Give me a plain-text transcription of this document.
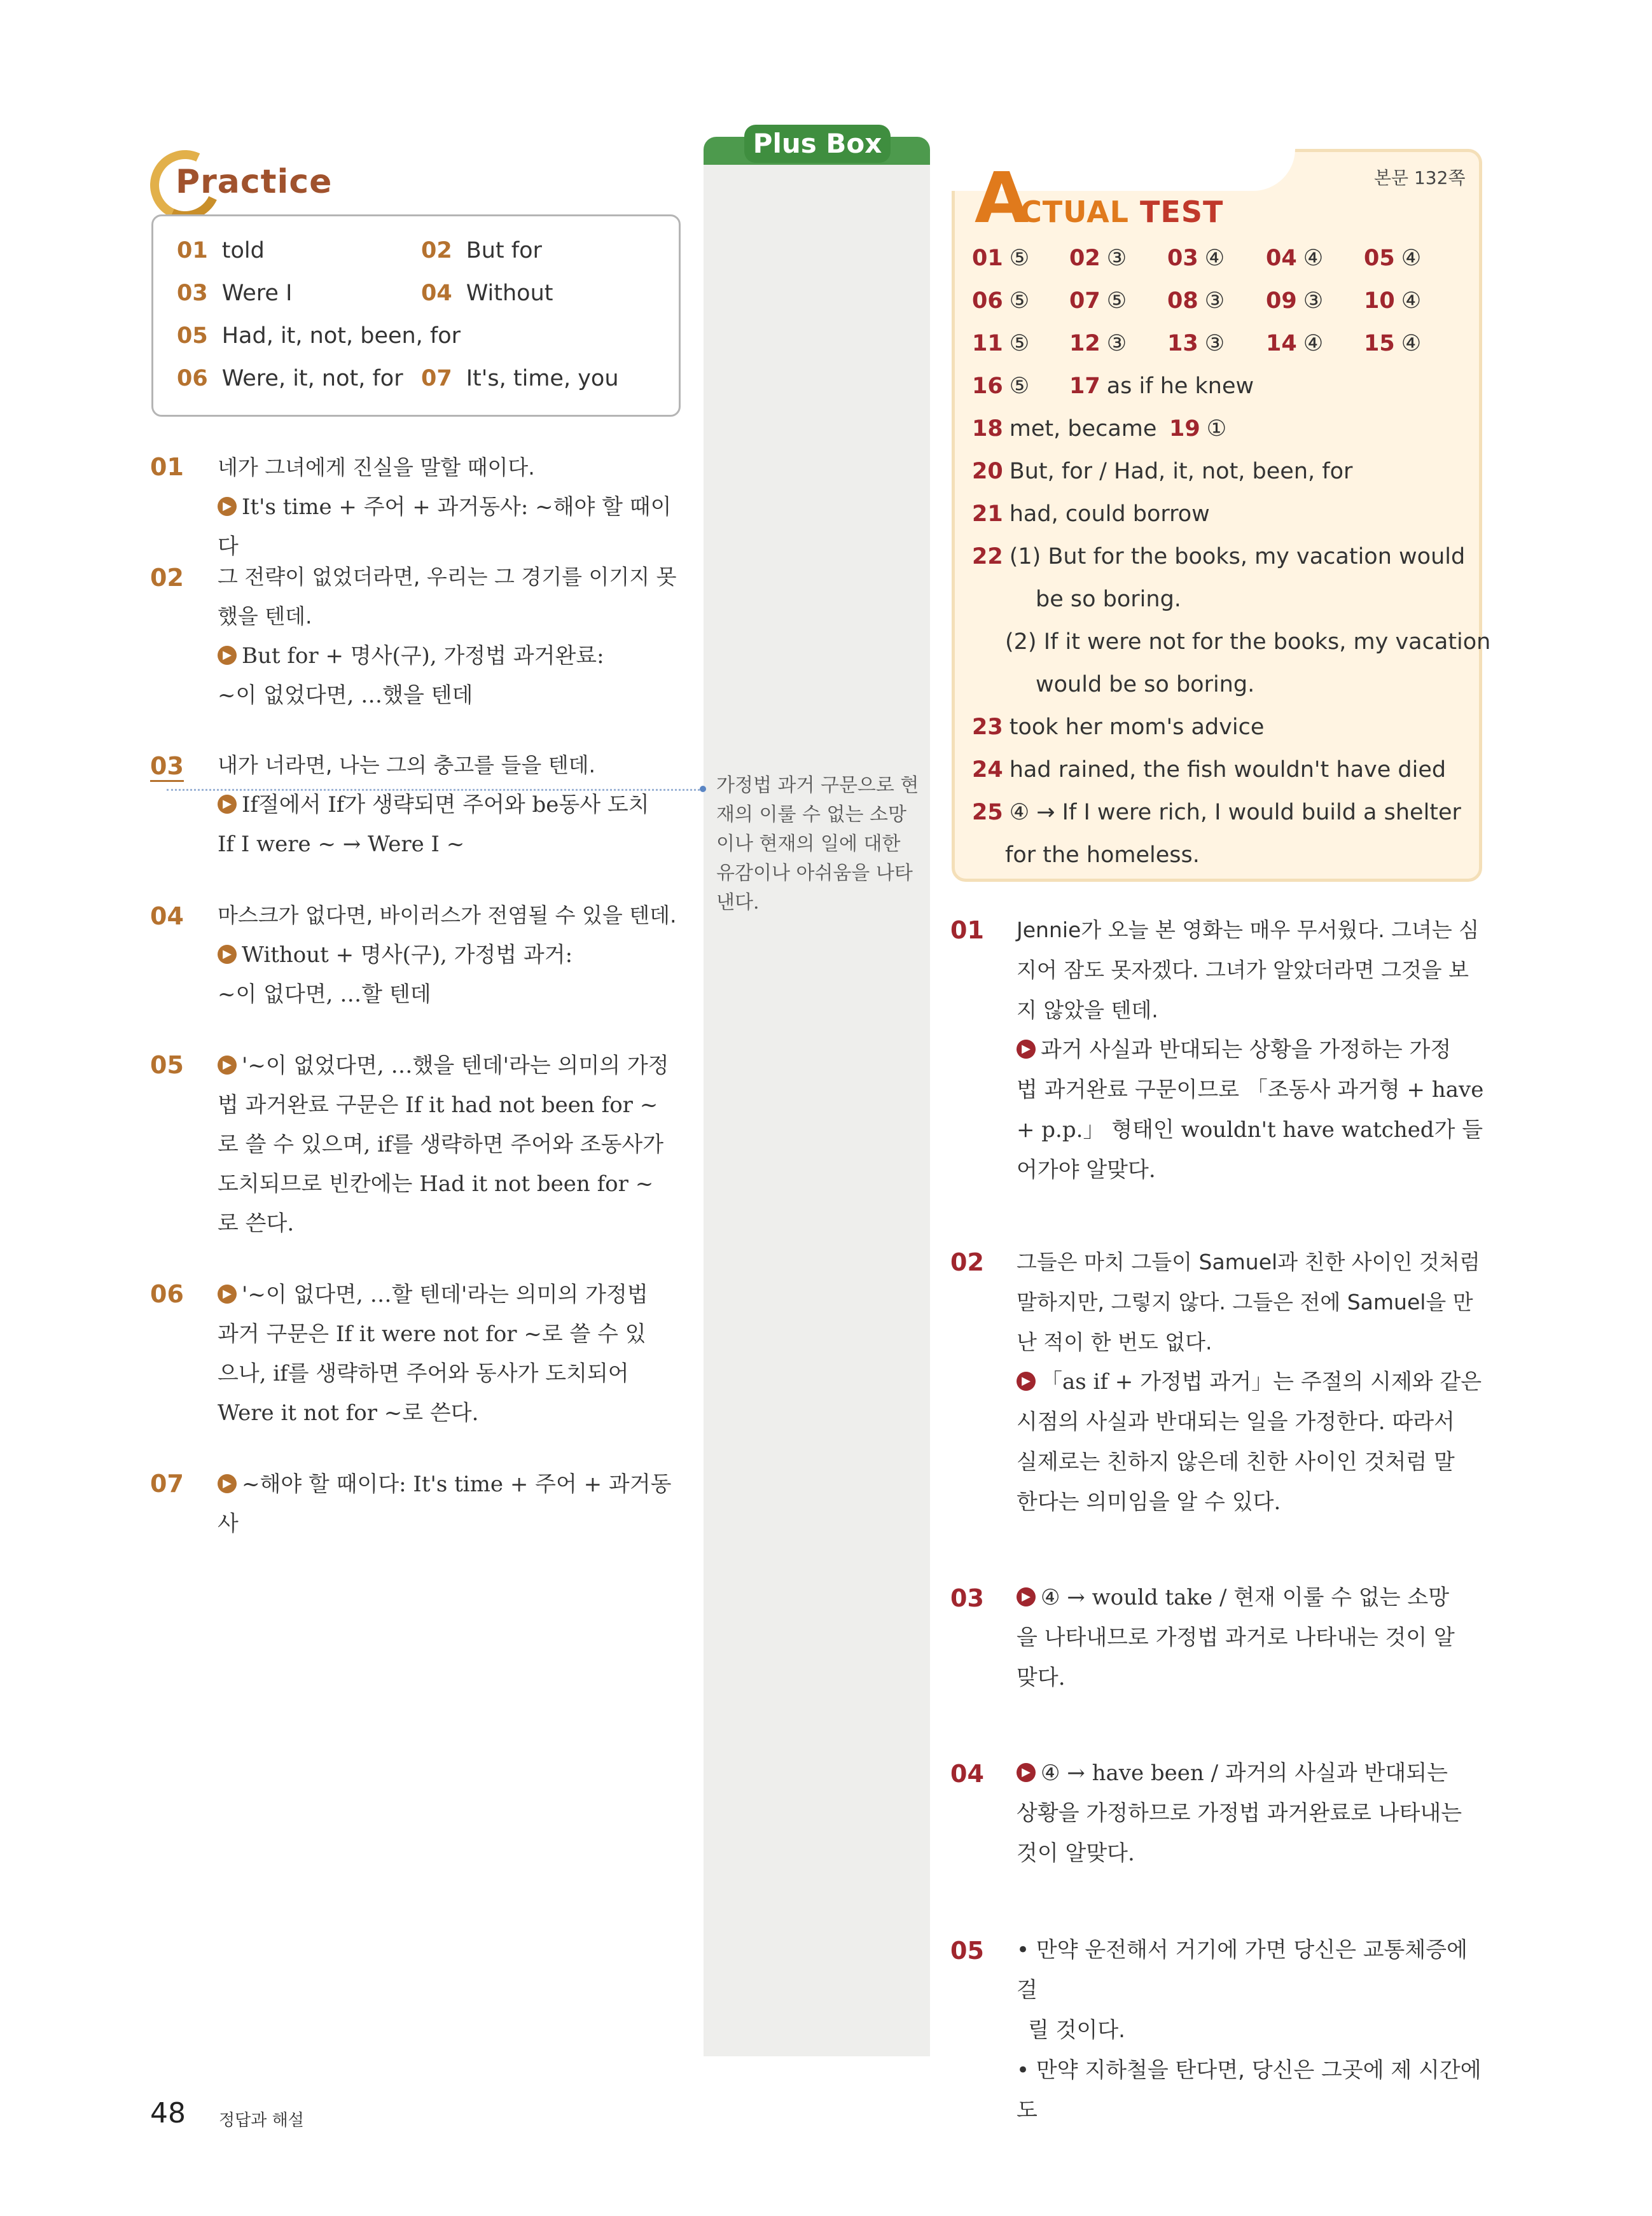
Practice
01 told	02 But for
03 Were I	04 Without
05 Had, it, not, been, for
06 Were, it, not, for 07 It's, time, you
Plus Box
가정법 과거 구문으로 현재의 이룰 수 없는 소망이나 현재의 일에 대한 유감이나 아쉬움을 나타낸다.
01 네가 그녀에게 진실을 말할 때이다.
▶ It's time + 주어 + 과거동사: ~해야 할 때이다
02 그 전략이 없었더라면, 우리는 그 경기를 이기지 못
했을 텐데.
▶ But for + 명사(구), 가정법 과거완료:
~이 없었다면, …했을 텐데
03 내가 너라면, 나는 그의 충고를 들을 텐데.
▶ If절에서 If가 생략되면 주어와 be동사 도치
If I were ~ → Were I ~
04 마스크가 없다면, 바이러스가 전염될 수 있을 텐데.
▶ Without + 명사(구), 가정법 과거:
~이 없다면, …할 텐데
05	▶ '~이 없었다면, …했을 텐데'라는 의미의 가정
법 과거완료 구문은 If it had not been for ~
로 쓸 수 있으며, if를 생략하면 주어와 조동사가
도치되므로 빈칸에는 Had it not been for ~
로 쓴다.
06	▶ '~이 없다면, …할 텐데'라는 의미의 가정법
과거 구문은 If it were not for ~로 쓸 수 있
으나, if를 생략하면 주어와 동사가 도치되어
Were it not for ~로 쓴다.
07	▶ ~해야 할 때이다: It's time + 주어 + 과거동사
본문 132쪽
A
CTUAL TEST
01 ⑤ 02 ③ 03 ④ 04 ④ 05 ④
06 ⑤ 07 ⑤ 08 ③ 09 ③ 10 ④
11 ⑤ 12 ③ 13 ③ 14 ④ 15 ④
16 ⑤ 17 as if he knew
18 met, became 19 ①
20 But, for / Had, it, not, been, for
21 had, could borrow
22 (1) But for the books, my vacation would
be so boring.
(2) If it were not for the books, my vacation
would be so boring.
23 took her mom's advice
24 had rained, the fish wouldn't have died
25 ④ → If I were rich, I would build a shelter
for the homeless.
01 Jennie가 오늘 본 영화는 매우 무서웠다. 그녀는 심
지어 잠도 못자겠다. 그녀가 알았더라면 그것을 보
지 않았을 텐데.
▶ 과거 사실과 반대되는 상황을 가정하는 가정
법 과거완료 구문이므로 「조동사 과거형 + have
+ p.p.」 형태인 wouldn't have watched가 들
어가야 알맞다.
02 그들은 마치 그들이 Samuel과 친한 사이인 것처럼
말하지만, 그렇지 않다. 그들은 전에 Samuel을 만
난 적이 한 번도 없다.
▶ 「as if + 가정법 과거」는 주절의 시제와 같은
시점의 사실과 반대되는 일을 가정한다. 따라서
실제로는 친하지 않은데 친한 사이인 것처럼 말
한다는 의미임을 알 수 있다.
03	▶ ④ → would take / 현재 이룰 수 없는 소망
을 나타내므로 가정법 과거로 나타내는 것이 알
맞다.
04	▶ ④ → have been / 과거의 사실과 반대되는
상황을 가정하므로 가정법 과거완료로 나타내는
것이 알맞다.
05 • 만약 운전해서 거기에 가면 당신은 교통체증에 걸
릴 것이다.
• 만약 지하철을 탄다면, 당신은 그곳에 제 시간에 도
48 정답과 해설
